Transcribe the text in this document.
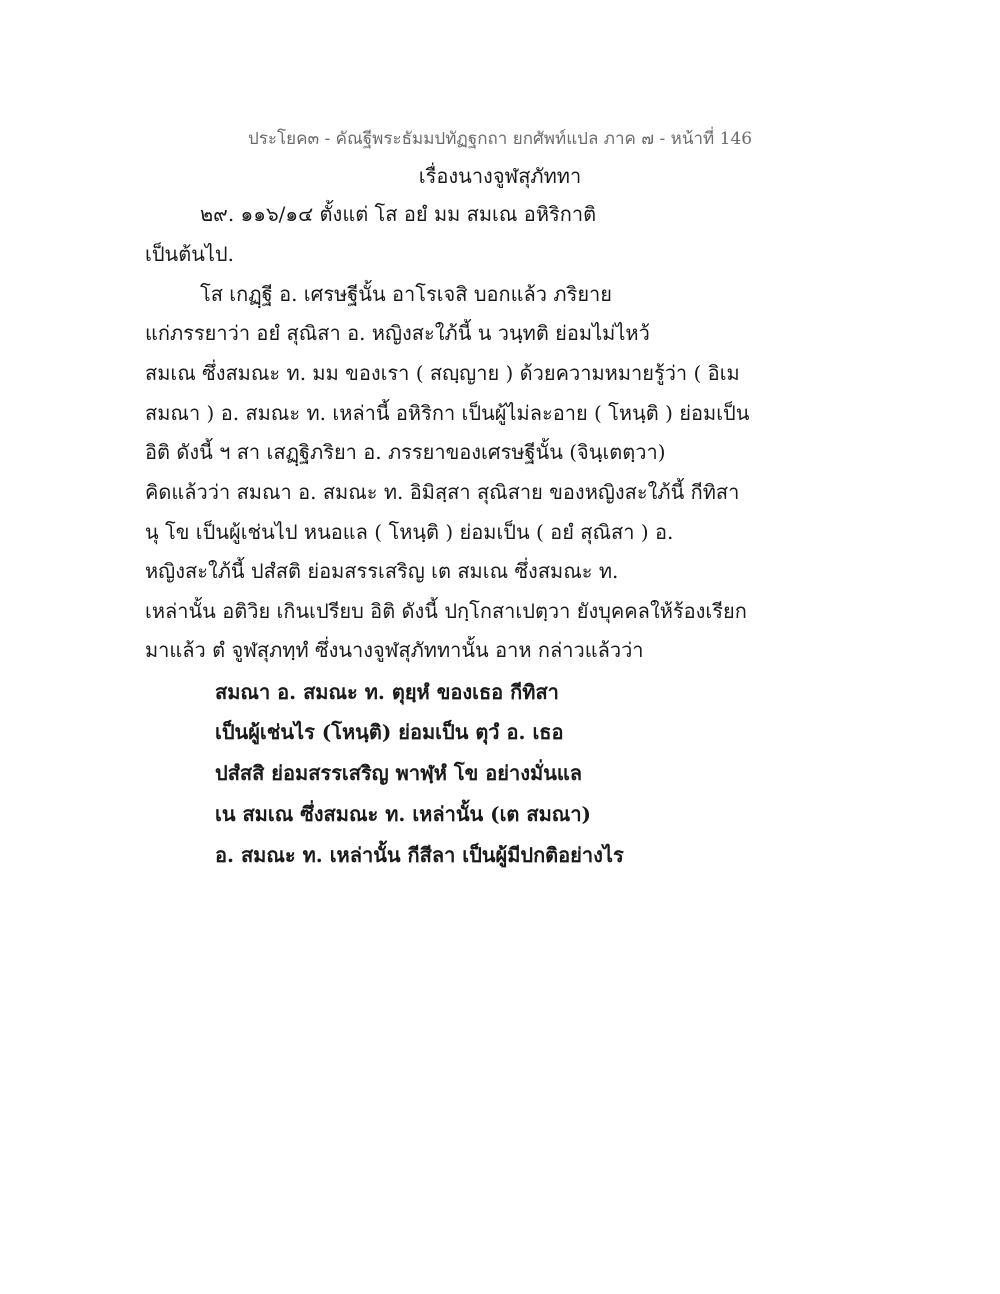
ประโยค๓ - คัณฐีพระธัมมปทัฏฐกถา ยกศัพท์แปล ภาค ๗ - หน้าที่ 146
เรื่องนางจูฬสุภัททา
๒๙. ๑๑๖/๑๔ ตั้งแต่ โส อยํ มม สมเณ อหิริกาติ
เป็นต้นไป.
โส เกฏฺฐี อ. เศรษฐีนั้น อาโรเจสิ บอกแล้ว ภริยาย
แก่ภรรยาว่า อยํ สุณิสา อ. หญิงสะใภ้นี้ น วนฺทติ ย่อมไม่ไหว้
สมเณ ซึ่งสมณะ ท. มม ของเรา ( สญฺญาย ) ด้วยความหมายรู้ว่า ( อิเม
สมณา ) อ. สมณะ ท. เหล่านี้ อหิริกา เป็นผู้ไม่ละอาย ( โหนฺติ ) ย่อมเป็น
อิติ ดังนี้ ฯ สา เสฏฺฐิภริยา อ. ภรรยาของเศรษฐีนั้น (จินฺเตตฺวา)
คิดแล้วว่า สมณา อ. สมณะ ท. อิมิสฺสา สุณิสาย ของหญิงสะใภ้นี้ กีทิสา
นุ โข เป็นผู้เช่นไป หนอแล ( โหนฺติ ) ย่อมเป็น ( อยํ สุณิสา ) อ.
หญิงสะใภ้นี้ ปสํสติ ย่อมสรรเสริญ เต สมเณ ซึ่งสมณะ ท.
เหล่านั้น อติวิย เกินเปรียบ อิติ ดังนี้ ปกฺโกสาเปตฺวา ยังบุคคลให้ร้องเรียก
มาแล้ว ตํ จูฬสุภทฺทํ ซึ่งนางจูฬสุภัททานั้น อาห กล่าวแล้วว่า
สมณา อ. สมณะ ท. ตุยฺหํ ของเธอ กีทิสา
เป็นผู้เช่นไร (โหนฺติ) ย่อมเป็น ตุวํ อ. เธอ
ปสํสสิ ย่อมสรรเสริญ พาฬฺหํ โข อย่างมั่นแล
เน สมเณ ซึ่งสมณะ ท. เหล่านั้น (เต สมณา)
อ. สมณะ ท. เหล่านั้น กีสีลา เป็นผู้มีปกติอย่างไร
